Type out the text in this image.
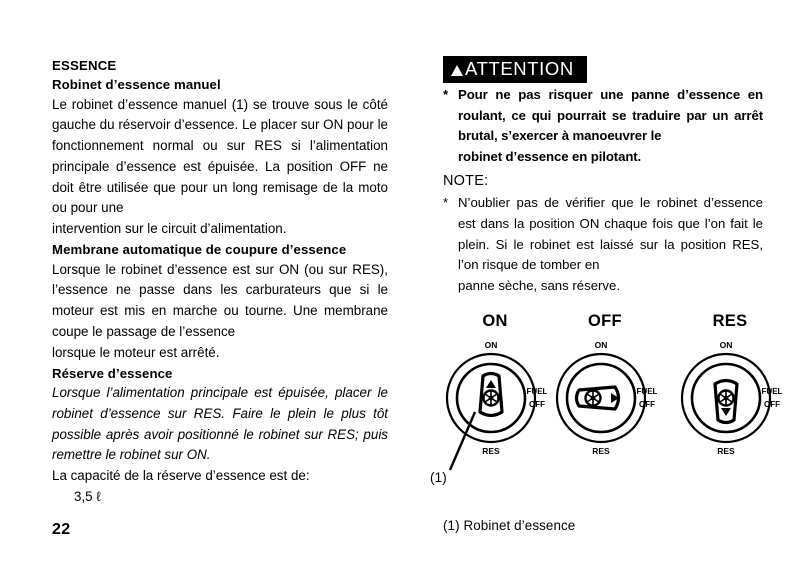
ESSENCE
Robinet d’essence manuel

Le robinet d’essence manuel (1) se trouve sous le côté gauche du réservoir d’essence. Le placer sur ON pour le fonctionnement normal ou sur RES si l’alimentation principale d’essence est épuisée. La position OFF ne doit être utilisée que pour un long remisage de la moto ou pour une
intervention sur le circuit d’alimentation.

Membrane automatique de coupure d’essence

Lorsque le robinet d’essence est sur ON (ou sur RES), l’essence ne passe dans les carburateurs que si le moteur est mis en marche ou tourne. Une membrane coupe le passage de l’essence
lorsque le moteur est arrêté.

Réserve d’essence

Lorsque l’alimentation principale est épuisée, placer le robinet d’essence sur RES. Faire le plein le plus tôt possible après avoir positionné le robinet sur RES; puis remettre le robinet sur ON.

La capacité de la réserve d’essence est de:

3,5 ℓ

ATTENTION

* Pour ne pas risquer une panne d’essence en roulant, ce qui pourrait se traduire par un arrêt brutal, s’exercer à manoeuvrer le
robinet d’essence en pilotant.

NOTE:

* N’oublier pas de vérifier que le robinet d’essence est dans la position ON chaque fois que l’on fait le plein. Si le robinet est laissé sur la position RES, l’on risque de tomber en
panne sèche, sans réserve.

ON
ON
RES
FUEL
OFF
OFF
ON
RES
FUEL
OFF
RES
ON
RES
FUEL
OFF
(1)
(1) Robinet d’essence
22
